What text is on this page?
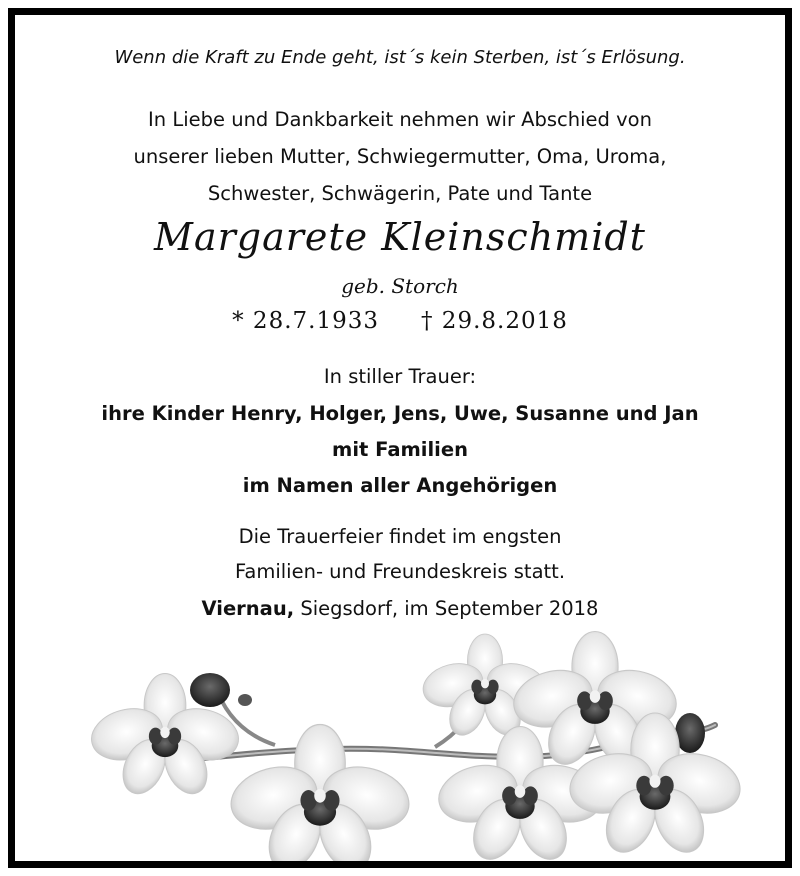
Wenn die Kraft zu Ende geht, ist´s kein Sterben, ist´s Erlösung.
In Liebe und Dankbarkeit nehmen wir Abschied von
unserer lieben Mutter, Schwiegermutter, Oma, Uroma,
Schwester, Schwägerin, Pate und Tante
Margarete Kleinschmidt
geb. Storch
* 28.7.1933 † 29.8.2018
In stiller Trauer:
ihre Kinder Henry, Holger, Jens, Uwe, Susanne und Jan
mit Familien
im Namen aller Angehörigen
Die Trauerfeier findet im engsten
Familien- und Freundeskreis statt.
Viernau, Siegsdorf, im September 2018
